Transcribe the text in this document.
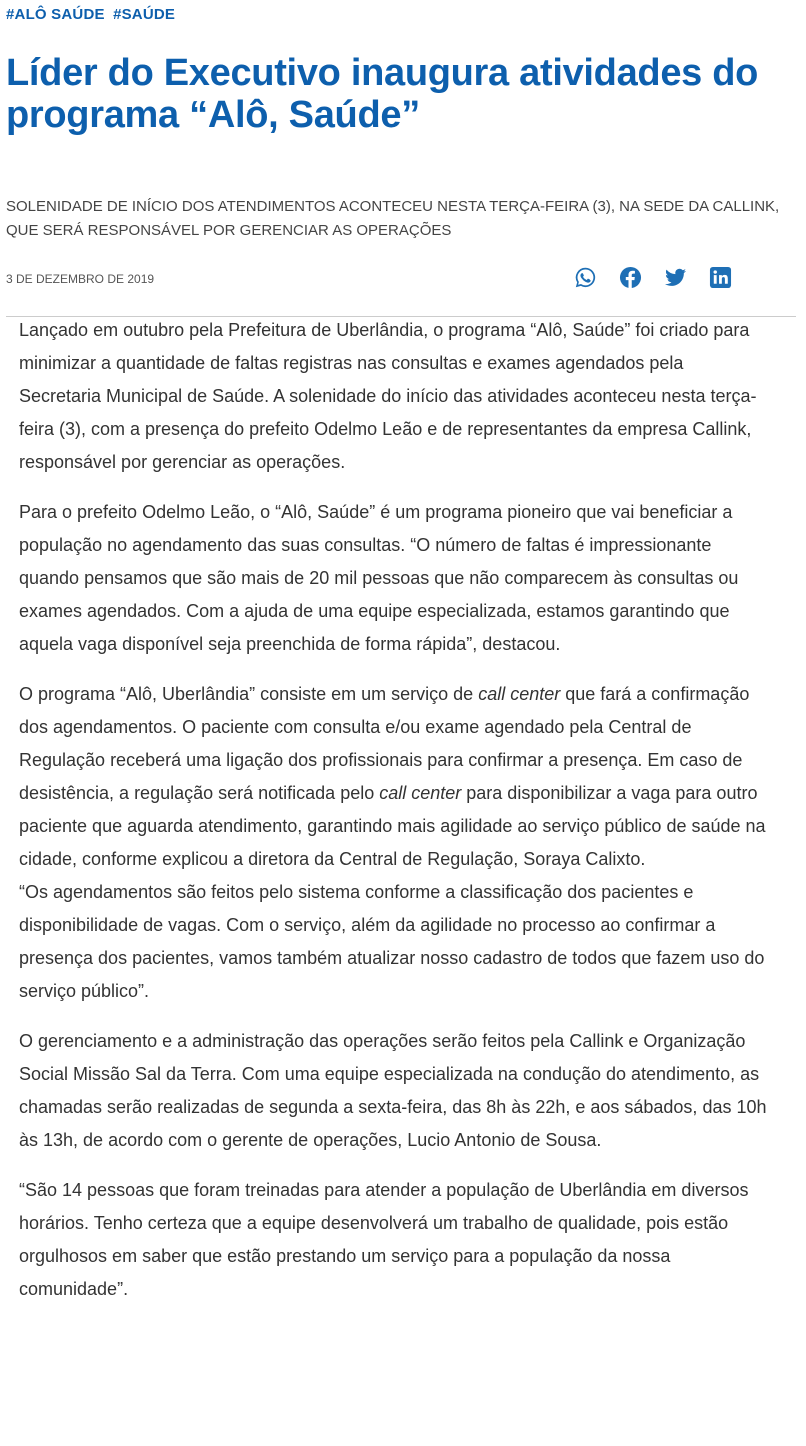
#ALÔ SAÚDE #SAÚDE
Líder do Executivo inaugura atividades do programa “Alô, Saúde”

SOLENIDADE DE INÍCIO DOS ATENDIMENTOS ACONTECEU NESTA TERÇA-FEIRA (3), NA SEDE DA CALLINK, QUE SERÁ RESPONSÁVEL POR GERENCIAR AS OPERAÇÕES

3 DE DEZEMBRO DE 2019

Lançado em outubro pela Prefeitura de Uberlândia, o programa “Alô, Saúde” foi criado para minimizar a quantidade de faltas registras nas consultas e exames agendados pela Secretaria Municipal de Saúde. A solenidade do início das atividades aconteceu nesta terça-feira (3), com a presença do prefeito Odelmo Leão e de representantes da empresa Callink, responsável por gerenciar as operações.

Para o prefeito Odelmo Leão, o “Alô, Saúde” é um programa pioneiro que vai beneficiar a população no agendamento das suas consultas. “O número de faltas é impressionante quando pensamos que são mais de 20 mil pessoas que não comparecem às consultas ou exames agendados. Com a ajuda de uma equipe especializada, estamos garantindo que aquela vaga disponível seja preenchida de forma rápida”, destacou.

O programa “Alô, Uberlândia” consiste em um serviço de call center que fará a confirmação dos agendamentos. O paciente com consulta e/ou exame agendado pela Central de Regulação receberá uma ligação dos profissionais para confirmar a presença. Em caso de desistência, a regulação será notificada pelo call center para disponibilizar a vaga para outro paciente que aguarda atendimento, garantindo mais agilidade ao serviço público de saúde na cidade, conforme explicou a diretora da Central de Regulação, Soraya Calixto.

“Os agendamentos são feitos pelo sistema conforme a classificação dos pacientes e disponibilidade de vagas. Com o serviço, além da agilidade no processo ao confirmar a presença dos pacientes, vamos também atualizar nosso cadastro de todos que fazem uso do serviço público”.

O gerenciamento e a administração das operações serão feitos pela Callink e Organização Social Missão Sal da Terra. Com uma equipe especializada na condução do atendimento, as chamadas serão realizadas de segunda a sexta-feira, das 8h às 22h, e aos sábados, das 10h às 13h, de acordo com o gerente de operações, Lucio Antonio de Sousa.

“São 14 pessoas que foram treinadas para atender a população de Uberlândia em diversos horários. Tenho certeza que a equipe desenvolverá um trabalho de qualidade, pois estão orgulhosos em saber que estão prestando um serviço para a população da nossa comunidade”.
